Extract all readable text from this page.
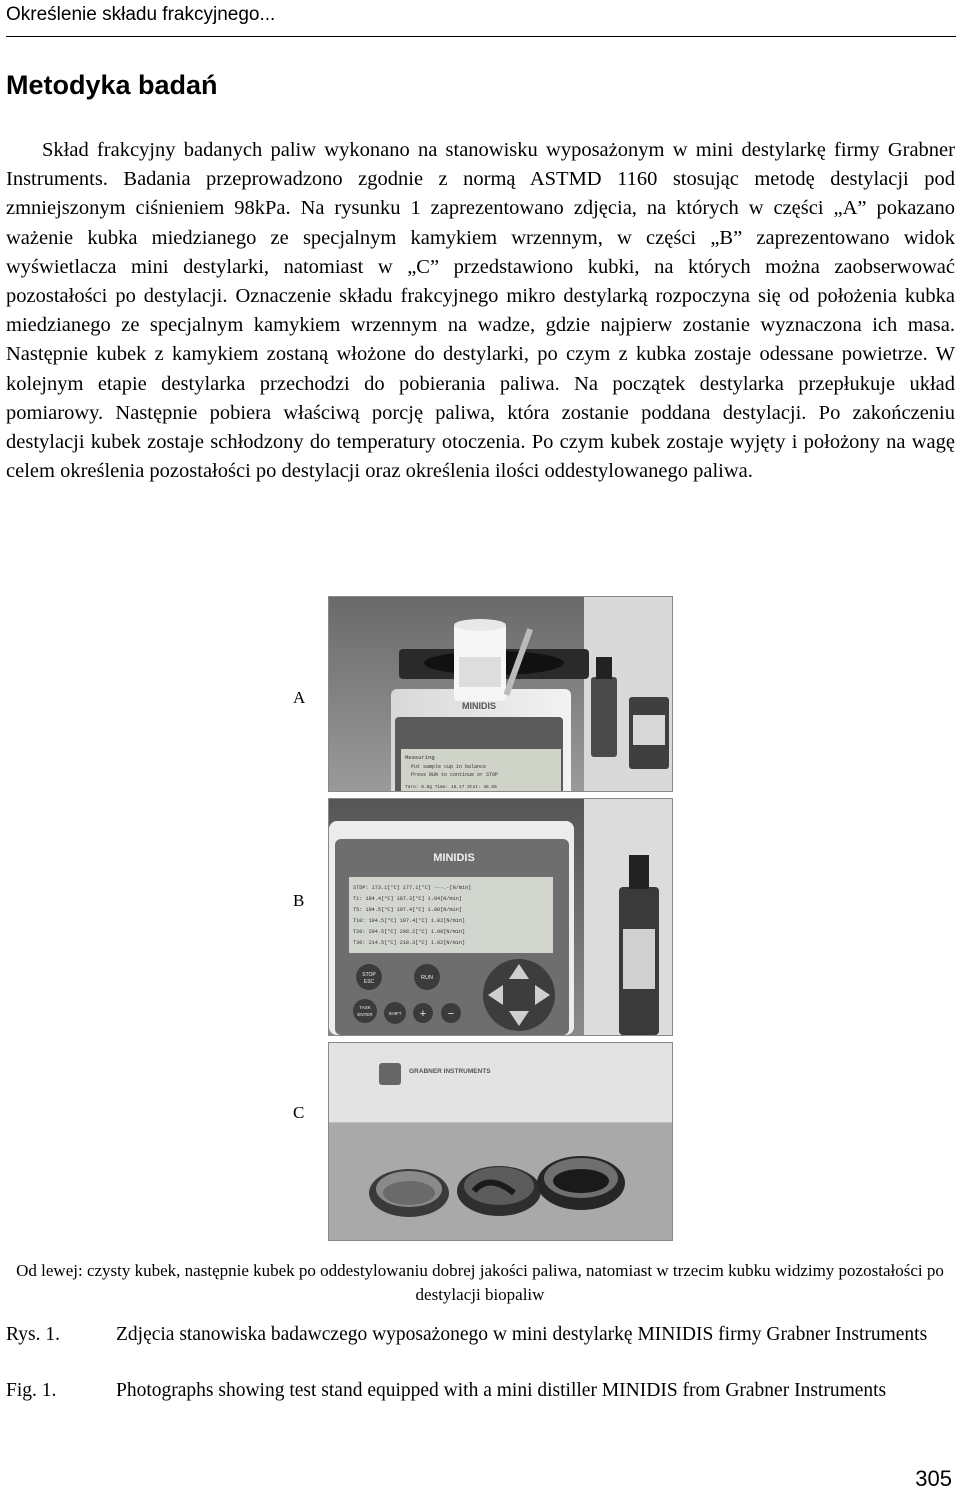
Określenie składu frakcyjnego...
Metodyka badań

Skład frakcyjny badanych paliw wykonano na stanowisku wyposażonym w mini destylarkę firmy Grabner Instruments. Badania przeprowadzono zgodnie z normą ASTMD 1160 stosując metodę destylacji pod zmniejszonym ciśnieniem 98kPa. Na rysunku 1 zaprezentowano zdjęcia, na których w części „A” pokazano ważenie kubka miedzianego ze specjalnym kamykiem wrzennym, w części „B” zaprezentowano widok wyświetlacza mini destylarki, natomiast w „C” przedstawiono kubki, na których można zaobserwować pozostałości po destylacji. Oznaczenie składu frakcyjnego mikro destylarką rozpoczyna się od położenia kubka miedzianego ze specjalnym kamykiem wrzennym na wadze, gdzie najpierw zostanie wyznaczona ich masa. Następnie kubek z kamykiem zostaną włożone do destylarki, po czym z kubka zostaje odessane powietrze. W kolejnym etapie destylarka przechodzi do pobierania paliwa. Na początek destylarka przepłukuje układ pomiarowy. Następnie pobiera właściwą porcję paliwa, która zostanie poddana destylacji. Po zakończeniu destylacji kubek zostaje schłodzony do temperatury otoczenia. Po czym kubek zostaje wyjęty i położony na wagę celem określenia pozostałości po destylacji oraz określenia ilości oddestylowanego paliwa.

A
B
C
MINIDIS
Measuring
Put sample cup in balance
Press RUN to continue or STOP
Tare: 0.0g Time: 16.17 Stat: 46.6%
MINIDIS
STDP: 173.1[°C] 177.1[°C] ---.-[N/min]
T1: 184.4[°C] 187.3[°C] 1.04[N/min]
T5: 194.5[°C] 197.4[°C] 1.00[N/min]
T10: 194.5[°C] 197.4[°C] 1.02[N/min]
T20: 204.5[°C] 208.2[°C] 1.00[N/min]
T30: 214.5[°C] 218.3[°C] 1.02[N/min]
STOP
ESC
RUN
TASK
ENTER	SHIFT + −
GRABNER INSTRUMENTS

Od lewej: czysty kubek, następnie kubek po oddestylowaniu dobrej jakości paliwa, natomiast w trzecim kubku widzimy pozostałości po destylacji biopaliw

Rys. 1.	Zdjęcia stanowiska badawczego wyposażonego w mini destylarkę MINIDIS firmy Grabner Instruments
Fig. 1.	Photographs showing test stand equipped with a mini distiller MINIDIS from Grabner Instruments
305
